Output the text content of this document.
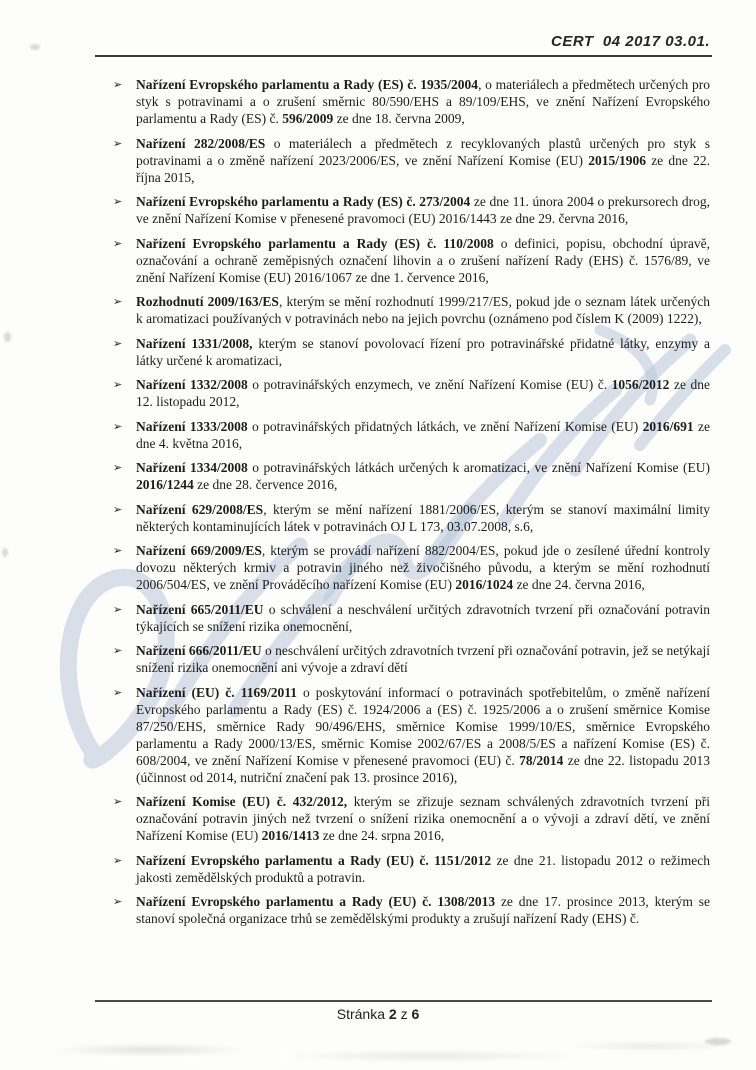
CERT  04 2017 03.01.
➢ Nařízení Evropského parlamentu a Rady (ES) č. 1935/2004, o materiálech a předmětech určených pro styk s potravinami a o zrušení směrnic 80/590/EHS a 89/109/EHS, ve znění Nařízení Evropského parlamentu a Rady (ES) č. 596/2009 ze dne 18. června 2009,
➢ Nařízení 282/2008/ES o materiálech a předmětech z recyklovaných plastů určených pro styk s potravinami a o změně nařízení 2023/2006/ES, ve znění Nařízení Komise (EU) 2015/1906 ze dne 22. října 2015,
➢ Nařízení Evropského parlamentu a Rady (ES) č. 273/2004 ze dne 11. února 2004 o prekursorech drog, ve znění Nařízení Komise v přenesené pravomoci (EU) 2016/1443 ze dne 29. června 2016,
➢ Nařízení Evropského parlamentu a Rady (ES) č. 110/2008 o definici, popisu, obchodní úpravě, označování a ochraně zeměpisných označení lihovin a o zrušení nařízení Rady (EHS) č. 1576/89, ve znění Nařízení Komise (EU) 2016/1067 ze dne 1. července 2016,
➢ Rozhodnutí 2009/163/ES, kterým se mění rozhodnutí 1999/217/ES, pokud jde o seznam látek určených k aromatizaci používaných v potravinách nebo na jejich povrchu (oznámeno pod číslem K (2009) 1222),
➢ Nařízení 1331/2008, kterým se stanoví povolovací řízení pro potravinářské přidatné látky, enzymy a látky určené k aromatizaci,
➢ Nařízení 1332/2008 o potravinářských enzymech, ve znění Nařízení Komise (EU) č. 1056/2012 ze dne 12. listopadu 2012,
➢ Nařízení 1333/2008 o potravinářských přidatných látkách, ve znění Nařízení Komise (EU) 2016/691 ze dne 4. května 2016,
➢ Nařízení 1334/2008 o potravinářských látkách určených k aromatizaci, ve znění Nařízení Komise (EU) 2016/1244 ze dne 28. července 2016,
➢ Nařízení 629/2008/ES, kterým se mění nařízení 1881/2006/ES, kterým se stanoví maximální limity některých kontaminujících látek v potravinách OJ L 173, 03.07.2008, s.6,
➢ Nařízení 669/2009/ES, kterým se provádí nařízení 882/2004/ES, pokud jde o zesílené úřední kontroly dovozu některých krmiv a potravin jiného než živočišného původu, a kterým se mění rozhodnutí 2006/504/ES, ve znění Prováděcího nařízení Komise (EU) 2016/1024 ze dne 24. června 2016,
➢ Nařízení 665/2011/EU o schválení a neschválení určitých zdravotních tvrzení při označování potravin týkajících se snížení rizika onemocnění,
➢ Nařízení 666/2011/EU o neschválení určitých zdravotních tvrzení při označování potravin, jež se netýkají snížení rizika onemocnění ani vývoje a zdraví dětí
➢ Nařízení (EU) č. 1169/2011 o poskytování informací o potravinách spotřebitelům, o změně nařízení Evropského parlamentu a Rady (ES) č. 1924/2006 a (ES) č. 1925/2006 a o zrušení směrnice Komise 87/250/EHS, směrnice Rady 90/496/EHS, směrnice Komise 1999/10/ES, směrnice Evropského parlamentu a Rady 2000/13/ES, směrnic Komise 2002/67/ES a 2008/5/ES a nařízení Komise (ES) č. 608/2004, ve znění Nařízení Komise v přenesené pravomoci (EU) č. 78/2014 ze dne 22. listopadu 2013 (účinnost od 2014, nutriční značení pak 13. prosince 2016),
➢ Nařízení Komise (EU) č. 432/2012, kterým se zřizuje seznam schválených zdravotních tvrzení při označování potravin jiných než tvrzení o snížení rizika onemocnění a o vývoji a zdraví dětí, ve znění Nařízení Komise (EU) 2016/1413 ze dne 24. srpna 2016,
➢ Nařízení Evropského parlamentu a Rady (EU) č. 1151/2012 ze dne 21. listopadu 2012 o režimech jakosti zemědělských produktů a potravin.
➢ Nařízení Evropského parlamentu a Rady (EU) č. 1308/2013 ze dne 17. prosince 2013, kterým se stanoví společná organizace trhů se zemědělskými produkty a zrušují nařízení Rady (EHS) č.
Stránka 2 z 6
